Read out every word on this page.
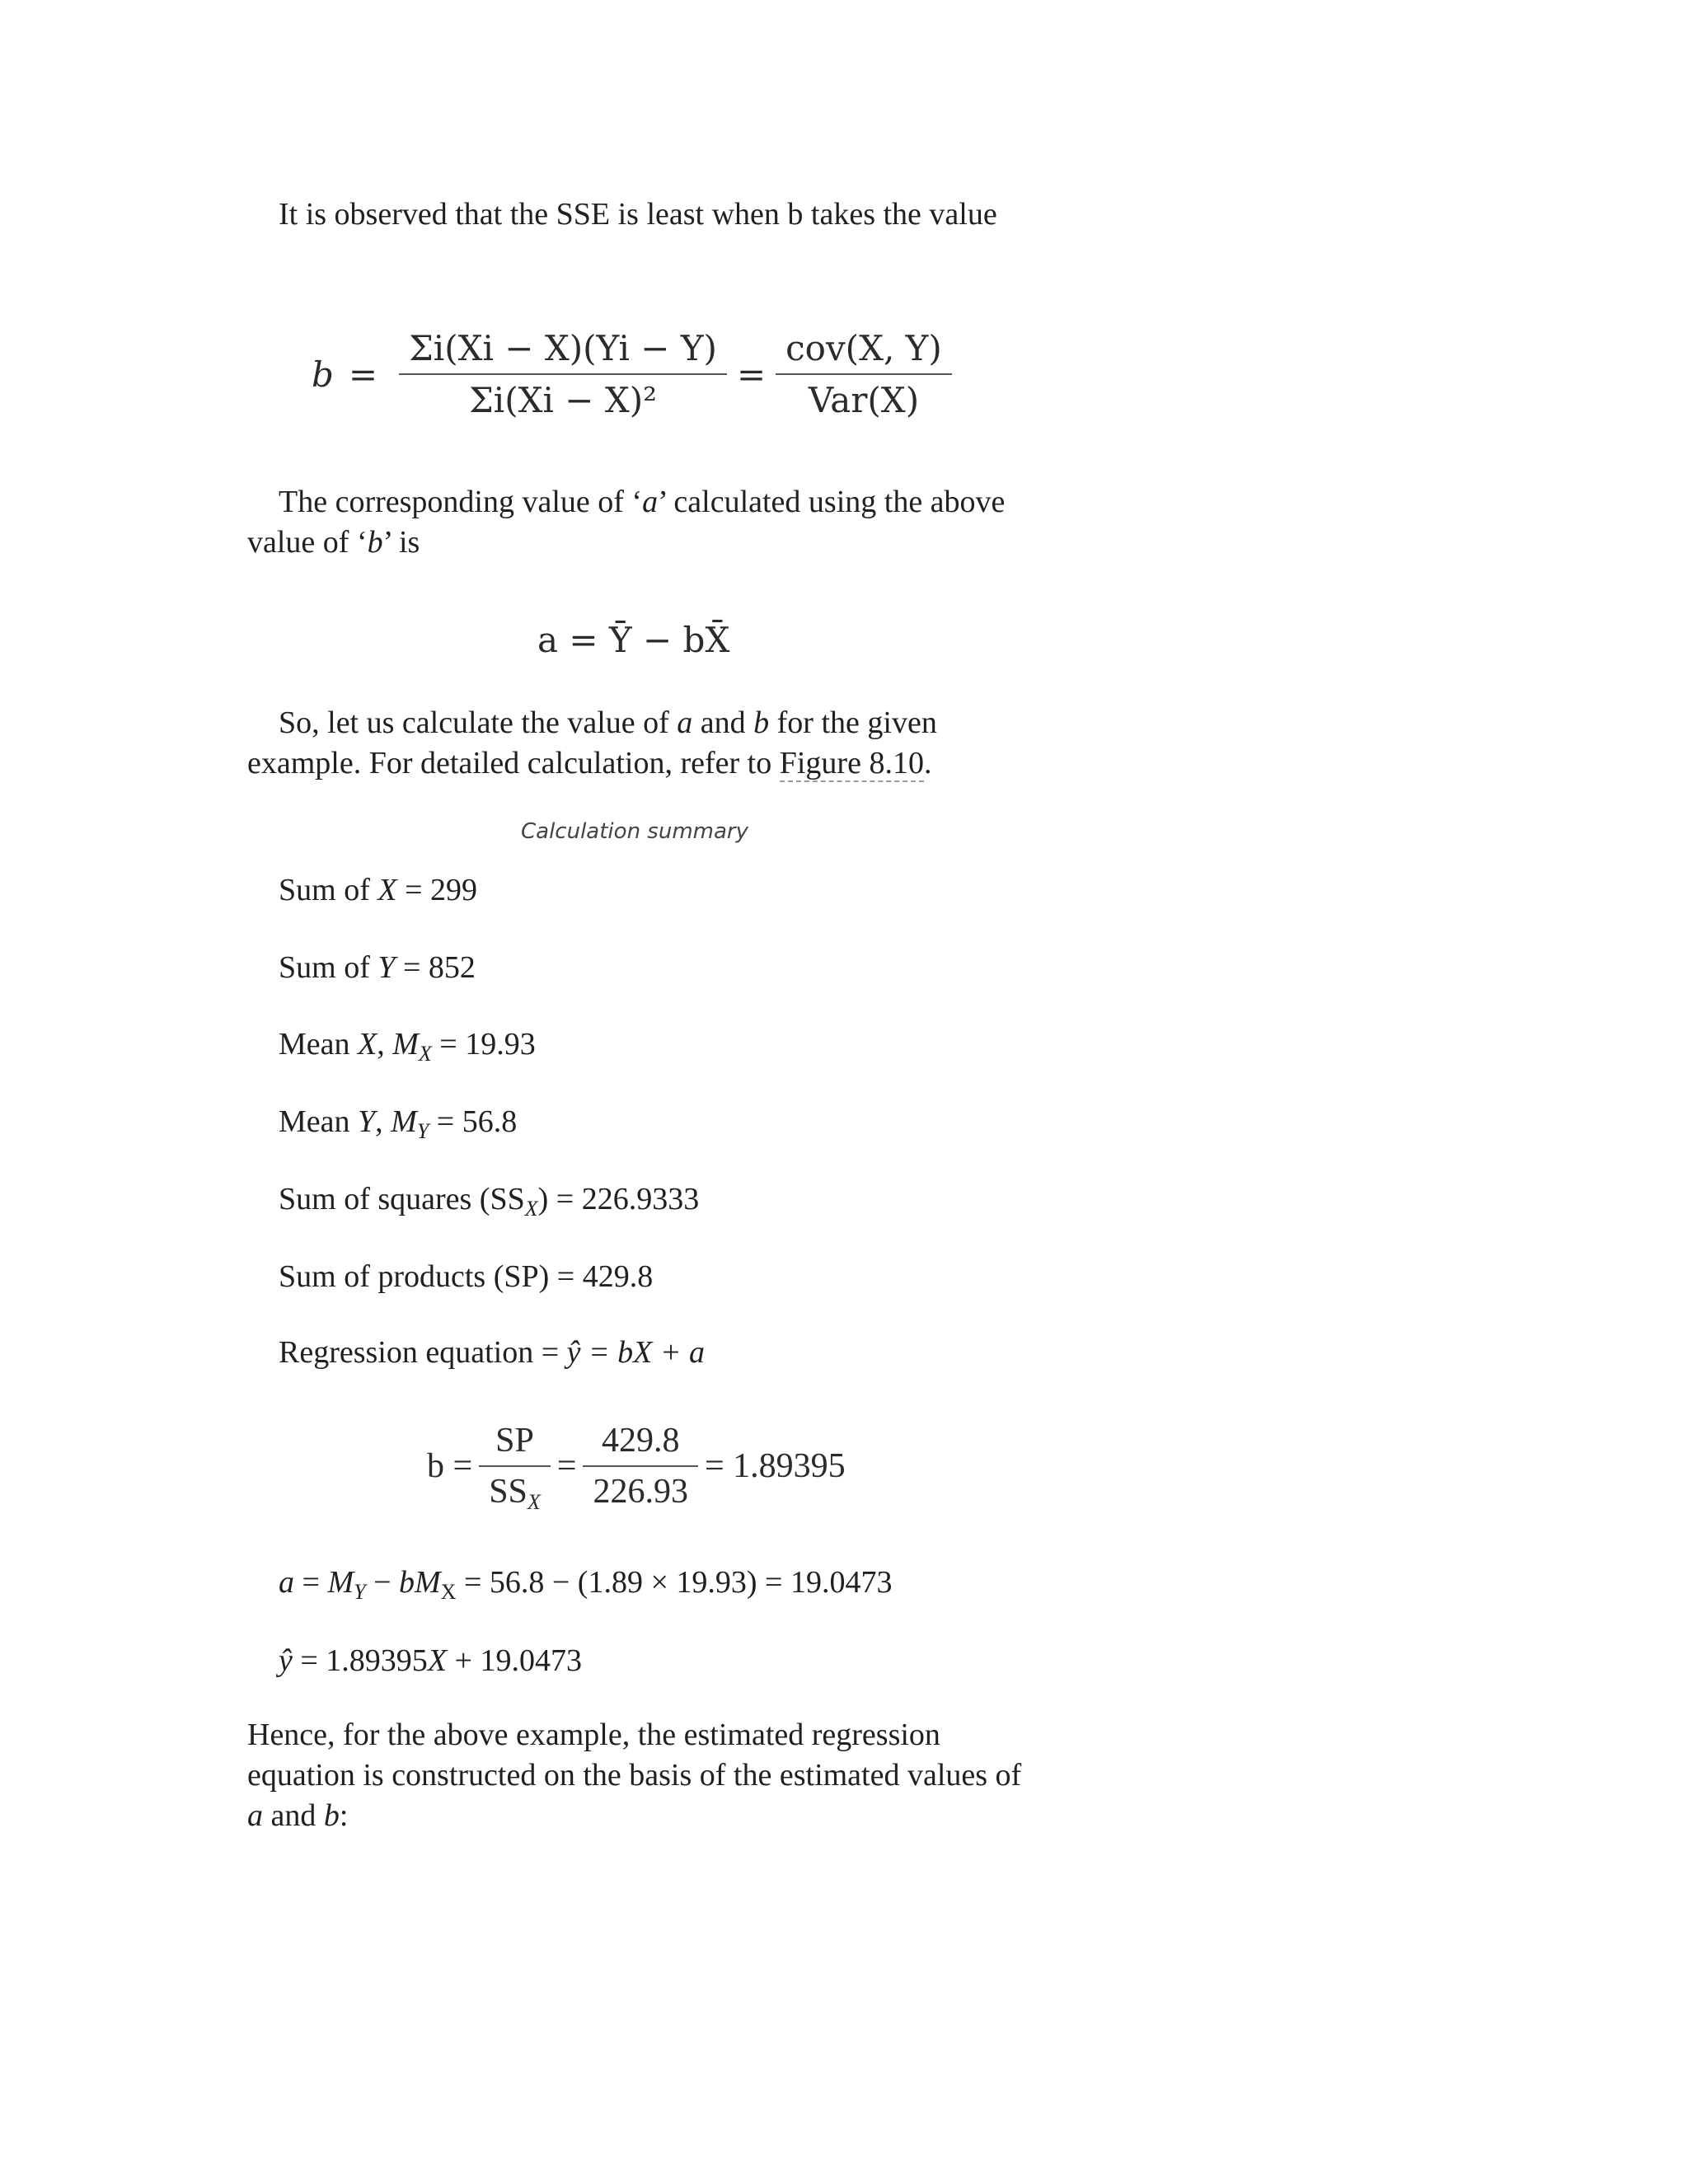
It is observed that the SSE is least when b takes the value

$b = \frac{\Sigma i(Xi - X)(Yi - Y)}{\text{Σi(Xi − X)²}} = \frac{\text{cov(X, Y)}}{\text{Var(X)}}$

The corresponding value of ‘a’ calculated using the above value of ‘b’ is

a = Ȳ − bX̄

So, let us calculate the value of a and b for the given example. For detailed calculation, refer to Figure 8.10.

Calculation summary
Sum of X = 299
Sum of Y = 852
Mean X, $M_X = 19.93$
Mean Y, $M_Y = 56.8$
Sum of squares $(SS_X) = 226.9333$
Sum of products (SP) = 429.8
Regression equation = ŷ = bX + a
$b = \frac{SP}{SS_X} = \frac{429.8}{226.93} = 1.89395$
$a = M_Y - bM_X = 56.8 - (1.89 \times 19.93) = 19.0473$
ŷ = 1.89395X + 19.0473

Hence, for the above example, the estimated regression equation is constructed on the basis of the estimated values of a and b:
